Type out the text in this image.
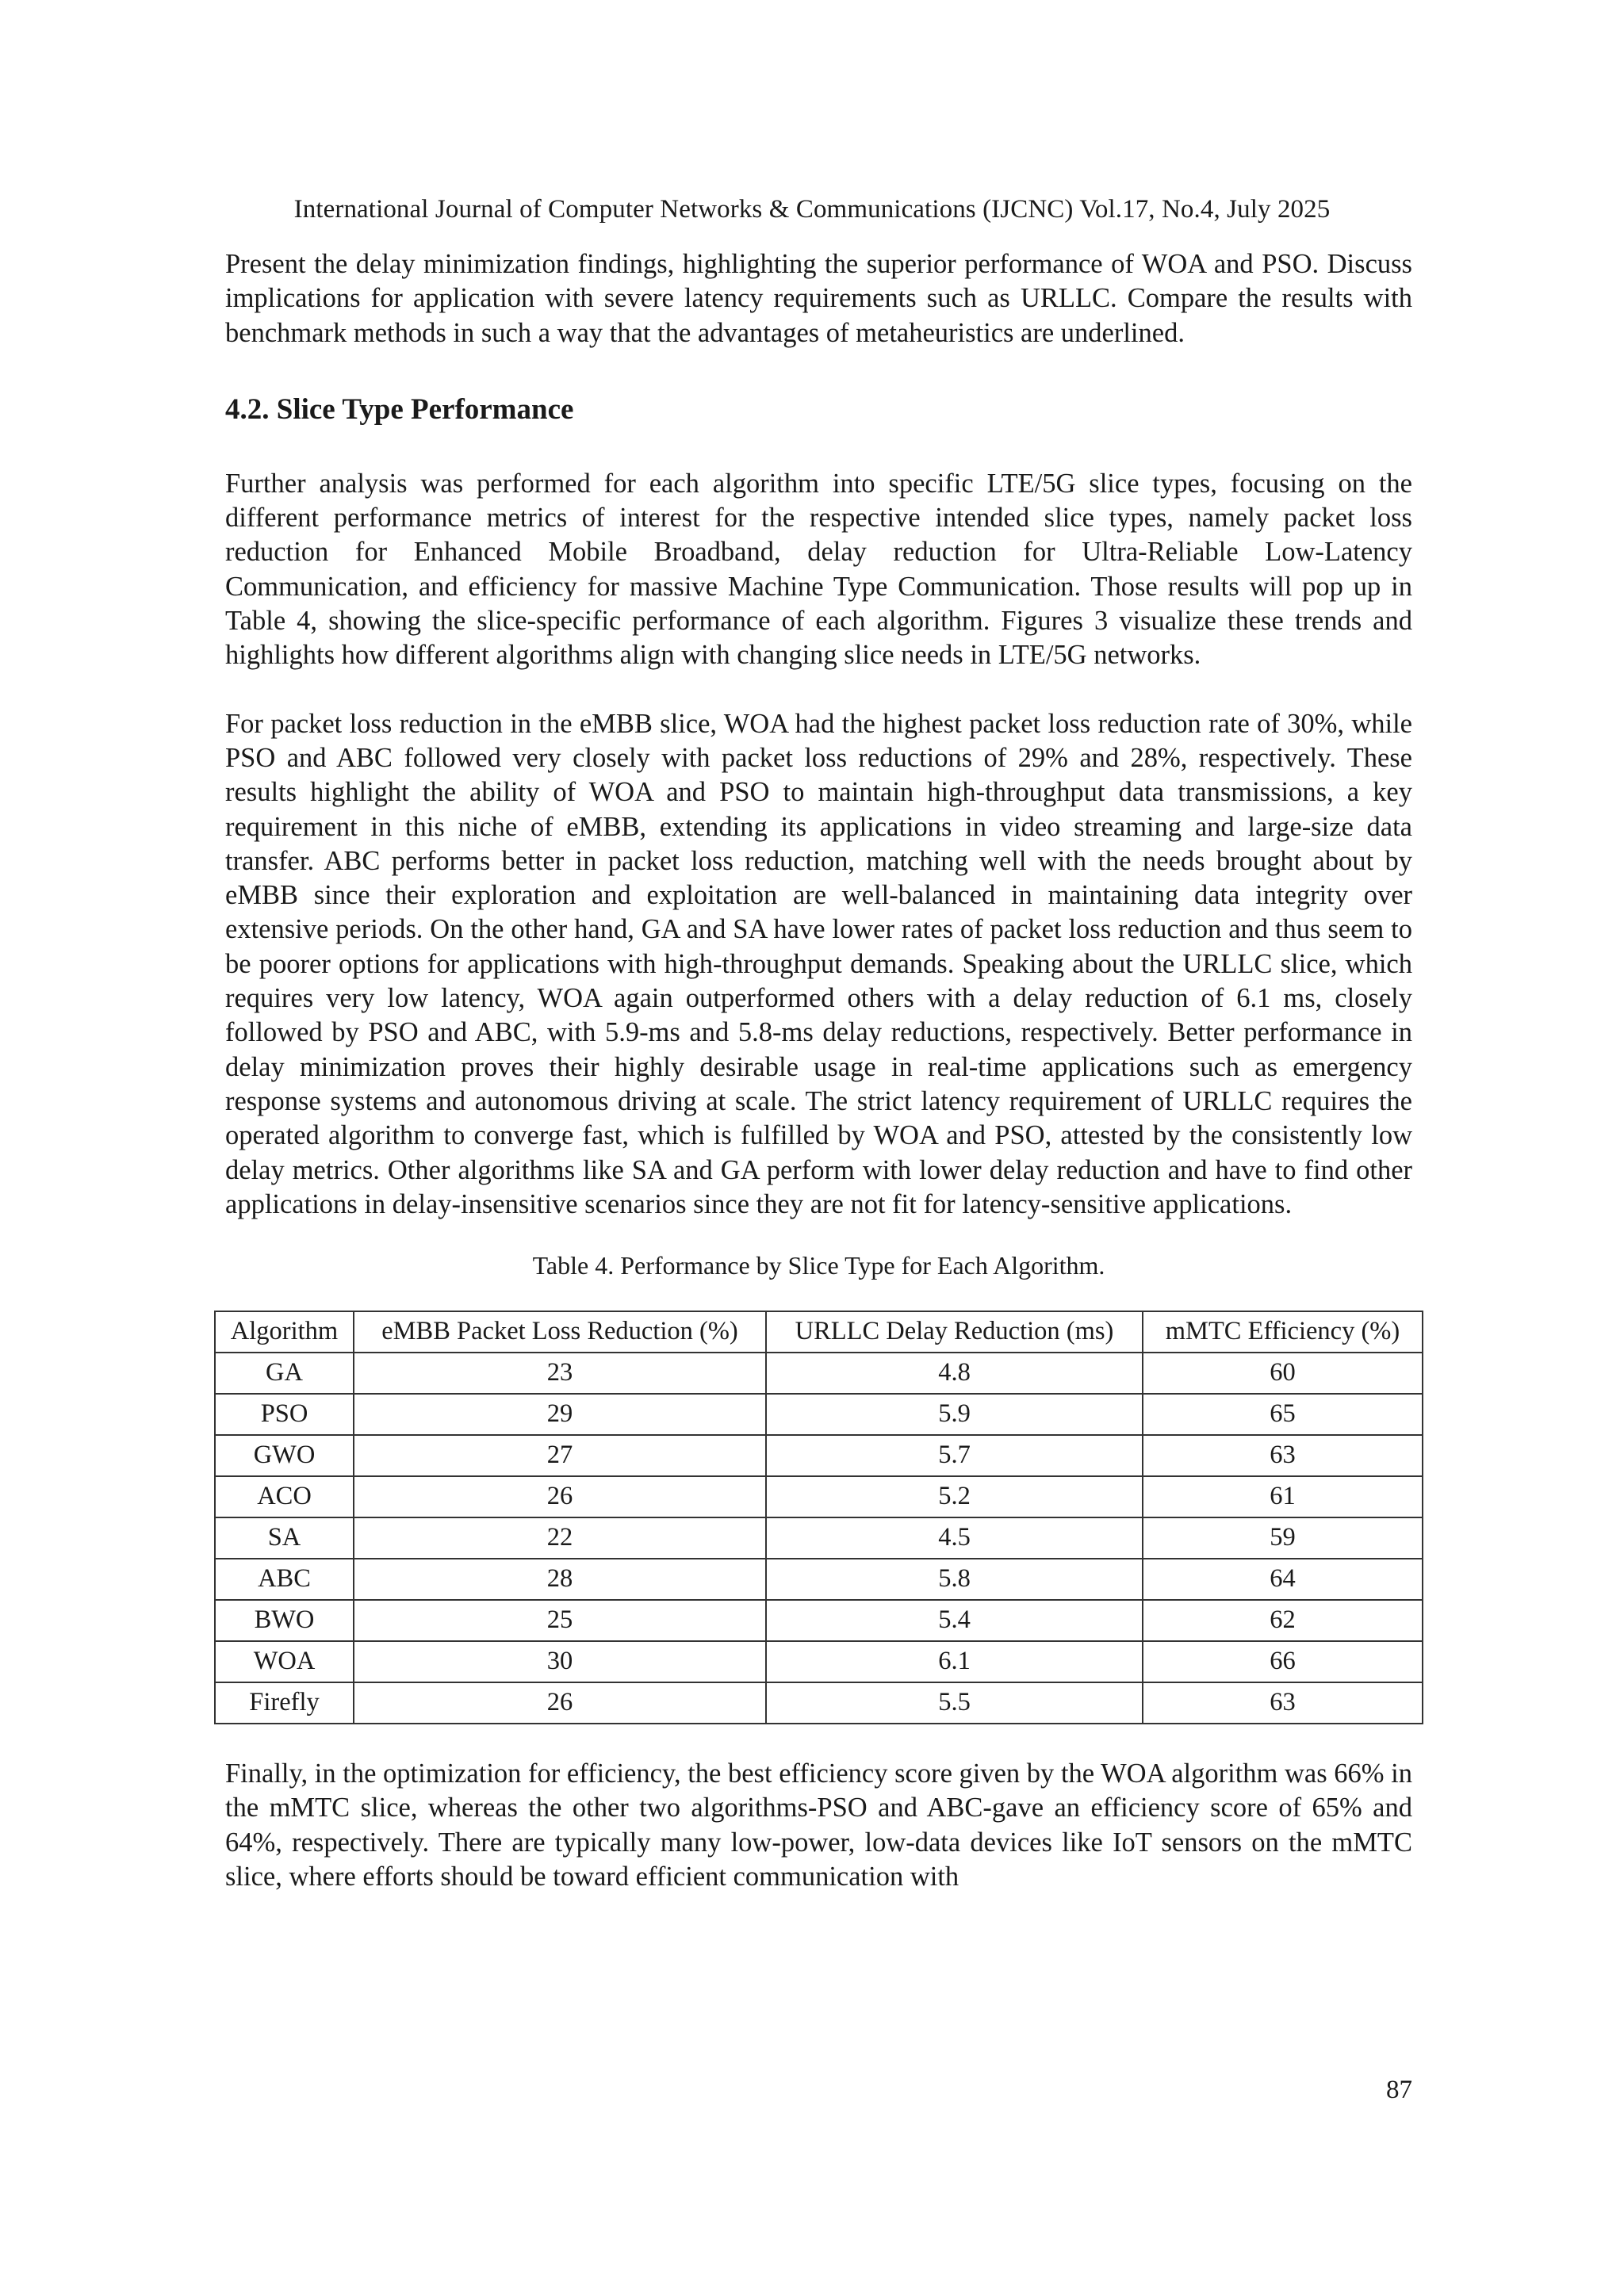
International Journal of Computer Networks & Communications (IJCNC) Vol.17, No.4, July 2025

Present the delay minimization findings, highlighting the superior performance of WOA and PSO. Discuss implications for application with severe latency requirements such as URLLC. Compare the results with benchmark methods in such a way that the advantages of metaheuristics are underlined.

4.2. Slice Type Performance

Further analysis was performed for each algorithm into specific LTE/5G slice types, focusing on the different performance metrics of interest for the respective intended slice types, namely packet loss reduction for Enhanced Mobile Broadband, delay reduction for Ultra-Reliable Low-Latency Communication, and efficiency for massive Machine Type Communication. Those results will pop up in Table 4, showing the slice-specific performance of each algorithm. Figures 3 visualize these trends and highlights how different algorithms align with changing slice needs in LTE/5G networks.

For packet loss reduction in the eMBB slice, WOA had the highest packet loss reduction rate of 30%, while PSO and ABC followed very closely with packet loss reductions of 29% and 28%, respectively. These results highlight the ability of WOA and PSO to maintain high-throughput data transmissions, a key requirement in this niche of eMBB, extending its applications in video streaming and large-size data transfer. ABC performs better in packet loss reduction, matching well with the needs brought about by eMBB since their exploration and exploitation are well-balanced in maintaining data integrity over extensive periods. On the other hand, GA and SA have lower rates of packet loss reduction and thus seem to be poorer options for applications with high-throughput demands. Speaking about the URLLC slice, which requires very low latency, WOA again outperformed others with a delay reduction of 6.1 ms, closely followed by PSO and ABC, with 5.9-ms and 5.8-ms delay reductions, respectively. Better performance in delay minimization proves their highly desirable usage in real-time applications such as emergency response systems and autonomous driving at scale. The strict latency requirement of URLLC requires the operated algorithm to converge fast, which is fulfilled by WOA and PSO, attested by the consistently low delay metrics. Other algorithms like SA and GA perform with lower delay reduction and have to find other applications in delay-insensitive scenarios since they are not fit for latency-sensitive applications.

Table 4. Performance by Slice Type for Each Algorithm.

Algorithm	eMBB Packet Loss Reduction (%)	URLLC Delay Reduction (ms)	mMTC Efficiency (%)
GA	23	4.8	60
PSO	29	5.9	65
GWO	27	5.7	63
ACO	26	5.2	61
SA	22	4.5	59
ABC	28	5.8	64
BWO	25	5.4	62
WOA	30	6.1	66
Firefly	26	5.5	63

Finally, in the optimization for efficiency, the best efficiency score given by the WOA algorithm was 66% in the mMTC slice, whereas the other two algorithms-PSO and ABC-gave an efficiency score of 65% and 64%, respectively. There are typically many low-power, low-data devices like IoT sensors on the mMTC slice, where efforts should be toward efficient communication with

87
